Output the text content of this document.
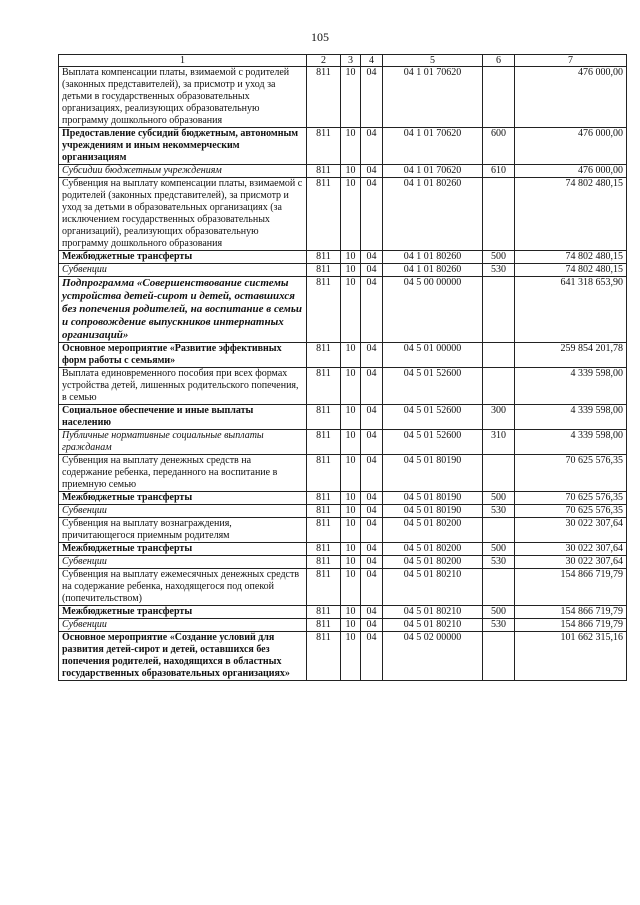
105
1	2	3	4	5	6	7
Выплата компенсации платы, взимаемой с родителей (законных представителей), за присмотр и уход за детьми в государственных образовательных организациях, реализующих образовательную программу дошкольного образования	811	10	04	04 1 01 70620		476 000,00
Предоставление субсидий бюджетным, автономным учреждениям и иным некоммерческим организациям	811	10	04	04 1 01 70620	600	476 000,00
Субсидии бюджетным учреждениям	811	10	04	04 1 01 70620	610	476 000,00
Субвенция на выплату компенсации платы, взимаемой с родителей (законных представителей), за присмотр и уход за детьми в образовательных организациях (за исключением государственных образовательных организаций), реализующих образовательную программу дошкольного образования	811	10	04	04 1 01 80260		74 802 480,15
Межбюджетные трансферты	811	10	04	04 1 01 80260	500	74 802 480,15
Субвенции	811	10	04	04 1 01 80260	530	74 802 480,15
Подпрограмма «Совершенствование системы устройства детей-сирот и детей, оставшихся без попечения родителей, на воспитание в семьи и сопровождение выпускников интернатных организаций»	811	10	04	04 5 00 00000		641 318 653,90
Основное мероприятие «Развитие эффективных форм работы с семьями»	811	10	04	04 5 01 00000		259 854 201,78
Выплата единовременного пособия при всех формах устройства детей, лишенных родительского попечения, в семью	811	10	04	04 5 01 52600		4 339 598,00
Социальное обеспечение и иные выплаты населению	811	10	04	04 5 01 52600	300	4 339 598,00
Публичные нормативные социальные выплаты гражданам	811	10	04	04 5 01 52600	310	4 339 598,00
Субвенция на выплату денежных средств на содержание ребенка, переданного на воспитание в приемную семью	811	10	04	04 5 01 80190		70 625 576,35
Межбюджетные трансферты	811	10	04	04 5 01 80190	500	70 625 576,35
Субвенции	811	10	04	04 5 01 80190	530	70 625 576,35
Субвенция на выплату вознаграждения, причитающегося приемным родителям	811	10	04	04 5 01 80200		30 022 307,64
Межбюджетные трансферты	811	10	04	04 5 01 80200	500	30 022 307,64
Субвенции	811	10	04	04 5 01 80200	530	30 022 307,64
Субвенция на выплату ежемесячных денежных средств на содержание ребенка, находящегося под опекой (попечительством)	811	10	04	04 5 01 80210		154 866 719,79
Межбюджетные трансферты	811	10	04	04 5 01 80210	500	154 866 719,79
Субвенции	811	10	04	04 5 01 80210	530	154 866 719,79
Основное мероприятие «Создание условий для развития детей-сирот и детей, оставшихся без попечения родителей, находящихся в областных государственных образовательных организациях»	811	10	04	04 5 02 00000		101 662 315,16
